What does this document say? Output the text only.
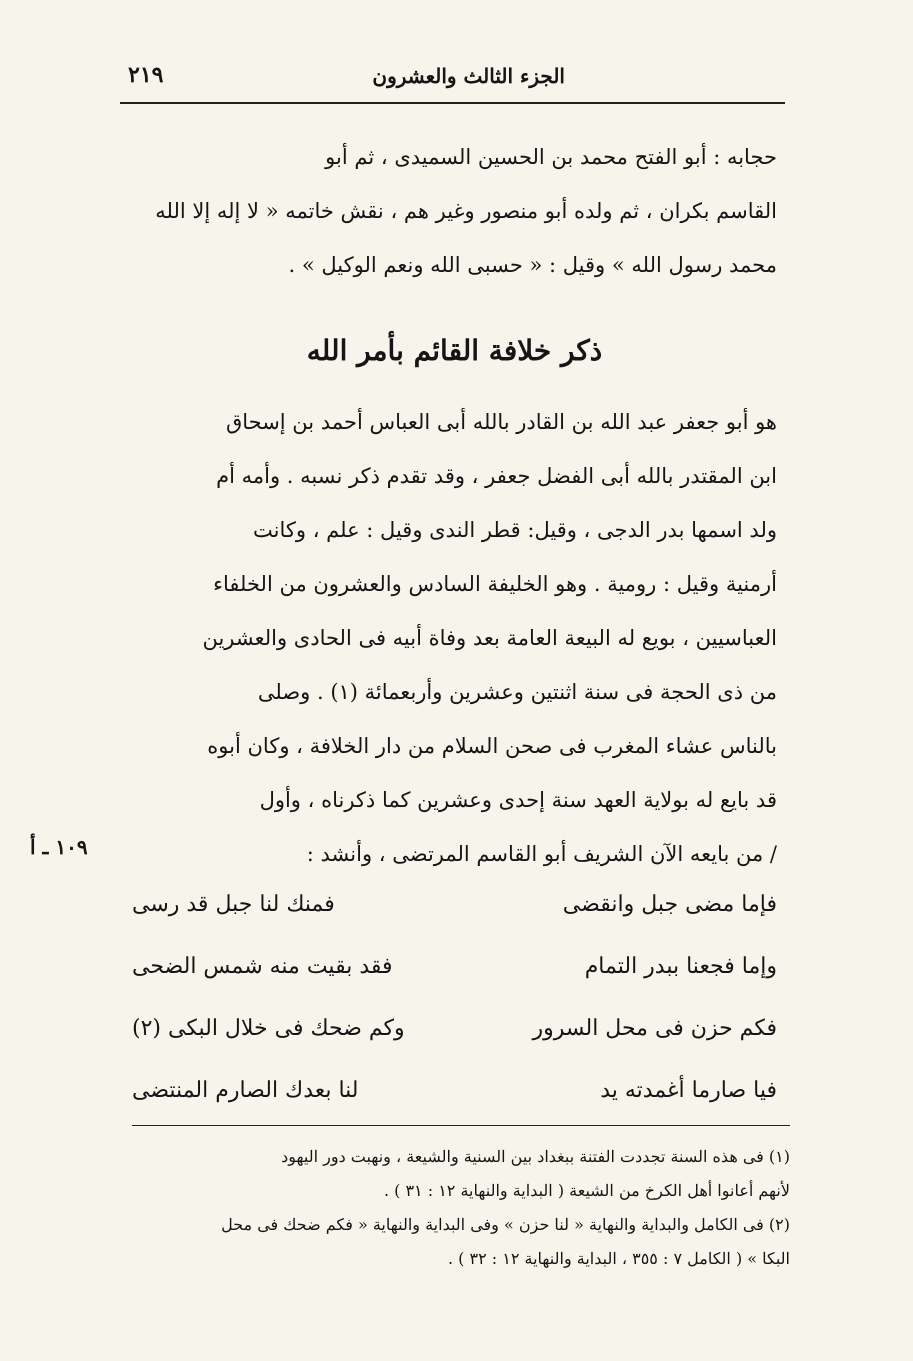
الجزء الثالث والعشرون
٢١٩

حجابه : أبو الفتح محمد بن الحسين السميدى ، ثم أبو

القاسم بكران ، ثم ولده أبو منصور وغير هم ، نقش خاتمه « لا إله إلا الله

محمد رسول الله » وقيل : « حسبى الله ونعم الوكيل » .

ذكر خلافة القائم بأمر الله

هو أبو جعفر عبد الله بن القادر بالله أبى العباس أحمد بن إسحاق

ابن المقتدر بالله أبى الفضل جعفر ، وقد تقدم ذكر نسبه . وأمه أم

ولد اسمها بدر الدجى ، وقيل: قطر الندى وقيل : علم ، وكانت

أرمنية وقيل : رومية . وهو الخليفة السادس والعشرون من الخلفاء

العباسيين ، بويع له البيعة العامة بعد وفاة أبيه فى الحادى والعشرين

من ذى الحجة فى سنة اثنتين وعشرين وأربعمائة (١) . وصلى

بالناس عشاء المغرب فى صحن السلام من دار الخلافة ، وكان أبوه

قد بايع له بولاية العهد سنة إحدى وعشرين كما ذكرناه ، وأول

/ من بايعه الآن الشريف أبو القاسم المرتضى ، وأنشد :

١٠٩ ـ أ
فإما مضى جبل وانقضى
فمنك لنا جبل قد رسى
وإما فجعنا ببدر التمام
فقد بقيت منه شمس الضحى
فكم حزن فى محل السرور
وكم ضحك فى خلال البكى (٢)
فيا صارما أغمدته يد
لنا بعدك الصارم المنتضى

(١) فى هذه السنة تجددت الفتنة ببغداد بين السنية والشيعة ، ونهبت دور اليهود

لأنهم أعانوا أهل الكرخ من الشيعة ( البداية والنهاية ١٢ : ٣١ ) .

(٢) فى الكامل والبداية والنهاية « لنا حزن » وفى البداية والنهاية « فكم ضحك فى محل

البكا » ( الكامل ٧ : ٣٥٥ ، البداية والنهاية ١٢ : ٣٢ ) .
